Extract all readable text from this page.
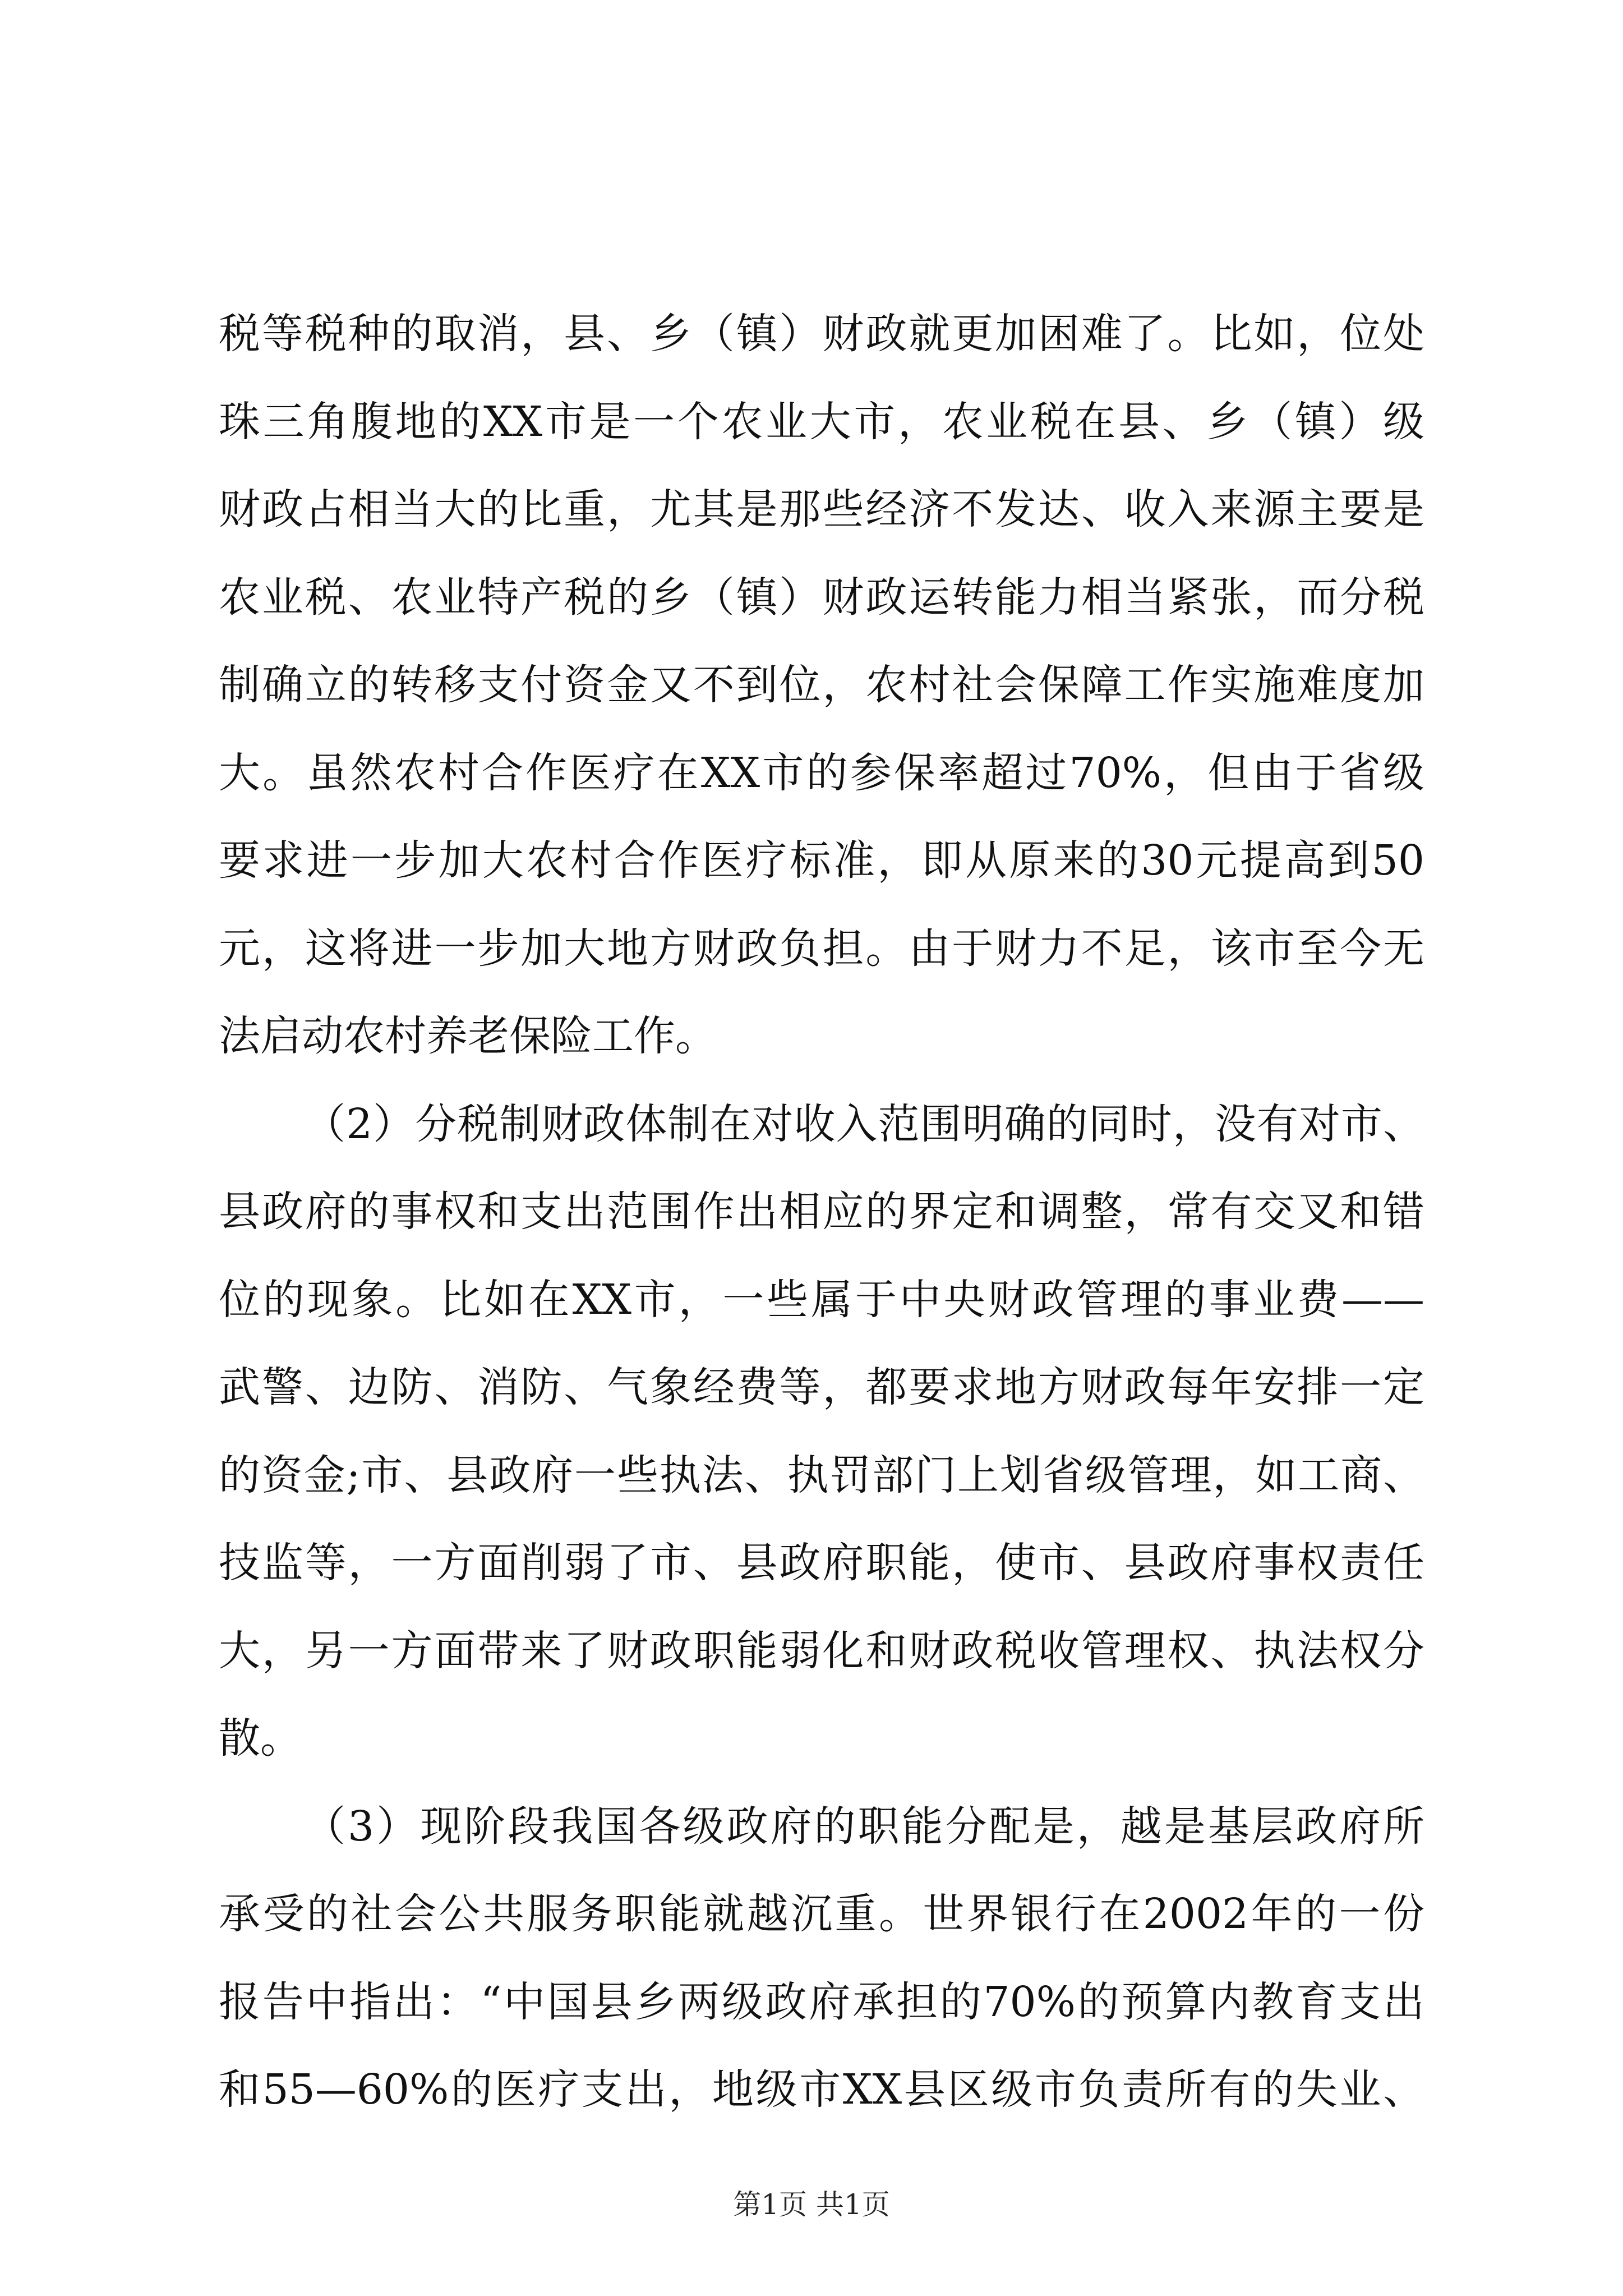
税等税种的取消，县、乡（镇）财政就更加困难了。比如，位处
珠三角腹地的XX市是一个农业大市，农业税在县、乡（镇）级
财政占相当大的比重，尤其是那些经济不发达、收入来源主要是
农业税、农业特产税的乡（镇）财政运转能力相当紧张，而分税
制确立的转移支付资金又不到位，农村社会保障工作实施难度加
大。虽然农村合作医疗在XX市的参保率超过70%，但由于省级
要求进一步加大农村合作医疗标准，即从原来的30元提高到50
元，这将进一步加大地方财政负担。由于财力不足，该市至今无
法启动农村养老保险工作。
（2）分税制财政体制在对收入范围明确的同时，没有对市、
县政府的事权和支出范围作出相应的界定和调整，常有交叉和错
位的现象。比如在XX市，一些属于中央财政管理的事业费——
武警、边防、消防、气象经费等，都要求地方财政每年安排一定
的资金;市、县政府一些执法、执罚部门上划省级管理，如工商、
技监等，一方面削弱了市、县政府职能，使市、县政府事权责任
大，另一方面带来了财政职能弱化和财政税收管理权、执法权分
散。
（3）现阶段我国各级政府的职能分配是，越是基层政府所
承受的社会公共服务职能就越沉重。世界银行在2002年的一份
报告中指出：“中国县乡两级政府承担的70%的预算内教育支出
和55—60%的医疗支出，地级市XX县区级市负责所有的失业、
第1页 共1页
